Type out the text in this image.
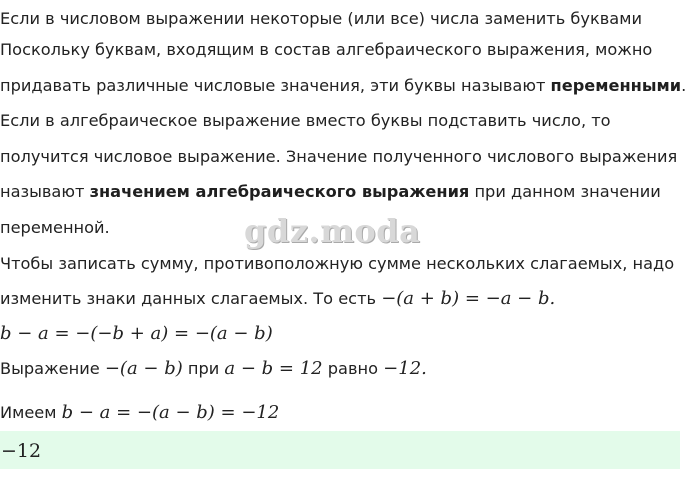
Если в числовом выражении некоторые (или все) числа заменить буквами
Поскольку буквам, входящим в состав алгебраического выражения, можно
придавать различные числовые значения, эти буквы называют переменными.
Если в алгебраическое выражение вместо буквы подставить число, то
получится числовое выражение. Значение полученного числового выражения
называют значением алгебраического выражения при данном значении
переменной.	gdz.moda
Чтобы записать сумму, противоположную сумме нескольких слагаемых, надо
изменить знаки данных слагаемых. То есть −(a + b) = −a − b.
b − a = −(−b + a) = −(a − b)
Выражение −(a − b) при a − b = 12 равно −12.
Имеем b − a = −(a − b) = −12
−12
